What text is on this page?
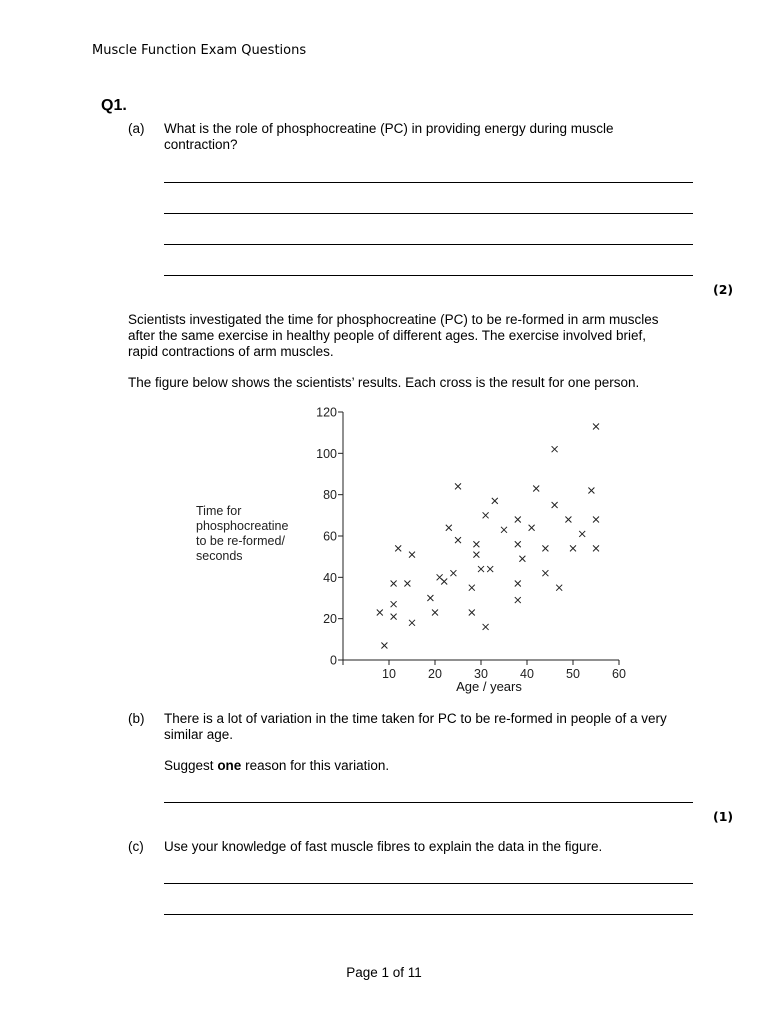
Muscle Function Exam Questions
Q1.
(a) What is the role of phosphocreatine (PC) in providing energy during muscle
contraction?
(2)
Scientists investigated the time for phosphocreatine (PC) to be re-formed in arm muscles
after the same exercise in healthy people of different ages. The exercise involved brief,
rapid contractions of arm muscles.
The figure below shows the scientists’ results. Each cross is the result for one person.
Time for
phosphocreatine
to be re-formed/
seconds
0
20
40
60
80
100
120
10	20	30	40	50	60
Age / years
(b) There is a lot of variation in the time taken for PC to be re-formed in people of a very
similar age.
Suggest one reason for this variation.
(1)
(c) Use your knowledge of fast muscle fibres to explain the data in the figure.
Page 1 of 11
